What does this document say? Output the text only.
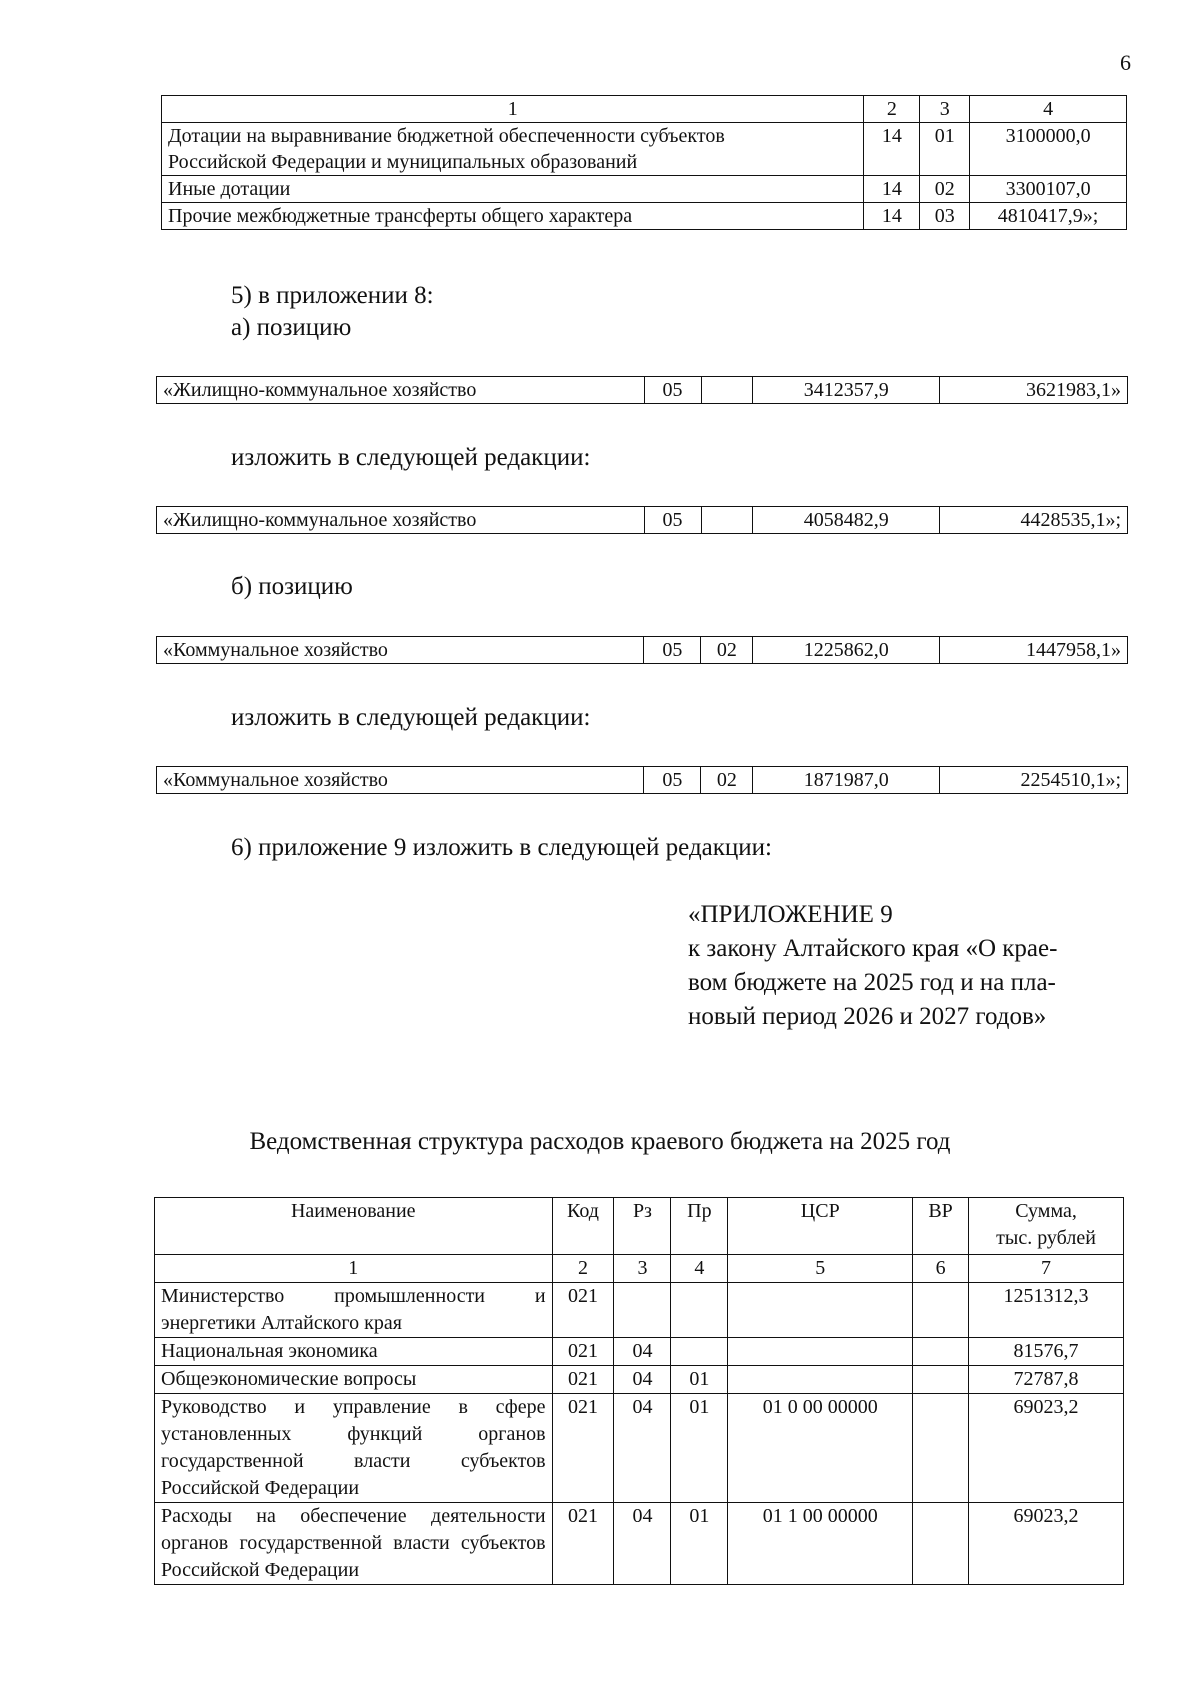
6
1	2	3	4

Дотации на выравнивание бюджетной обеспеченности субъектов
Российской Федерации и муниципальных образований	14	01	3100000,0
Иные дотации	14	02	3300107,0
Прочие межбюджетные трансферты общего характера	14	03	4810417,9»;
5) в приложении 8:
а) позицию
«Жилищно-коммунальное хозяйство	05		3412357,9	3621983,1»
изложить в следующей редакции:
«Жилищно-коммунальное хозяйство	05		4058482,9	4428535,1»;
б) позицию
«Коммунальное хозяйство	05	02	1225862,0	1447958,1»
изложить в следующей редакции:
«Коммунальное хозяйство	05	02	1871987,0	2254510,1»;
6) приложение 9 изложить в следующей редакции:
«ПРИЛОЖЕНИЕ 9
к закону Алтайского края «О крае-
вом бюджете на 2025 год и на пла-
новый период 2026 и 2027 годов»
Ведомственная структура расходов краевого бюджета на 2025 год
Наименование	Код	Рз	Пр	ЦСР	ВР	Сумма,
тыс. рублей

1	2	3	4	5	6	7
Министерство промышленности и энергетики Алтайского края	021					1251312,3
Национальная экономика	021	04				81576,7
Общеэкономические вопросы	021	04	01			72787,8
Руководство и управление в сфере установленных функций органов государственной власти субъектов Российской Федерации	021	04	01	01 0 00 00000		69023,2
Расходы на обеспечение деятельности органов государственной власти субъектов Российской Федерации	021	04	01	01 1 00 00000		69023,2
